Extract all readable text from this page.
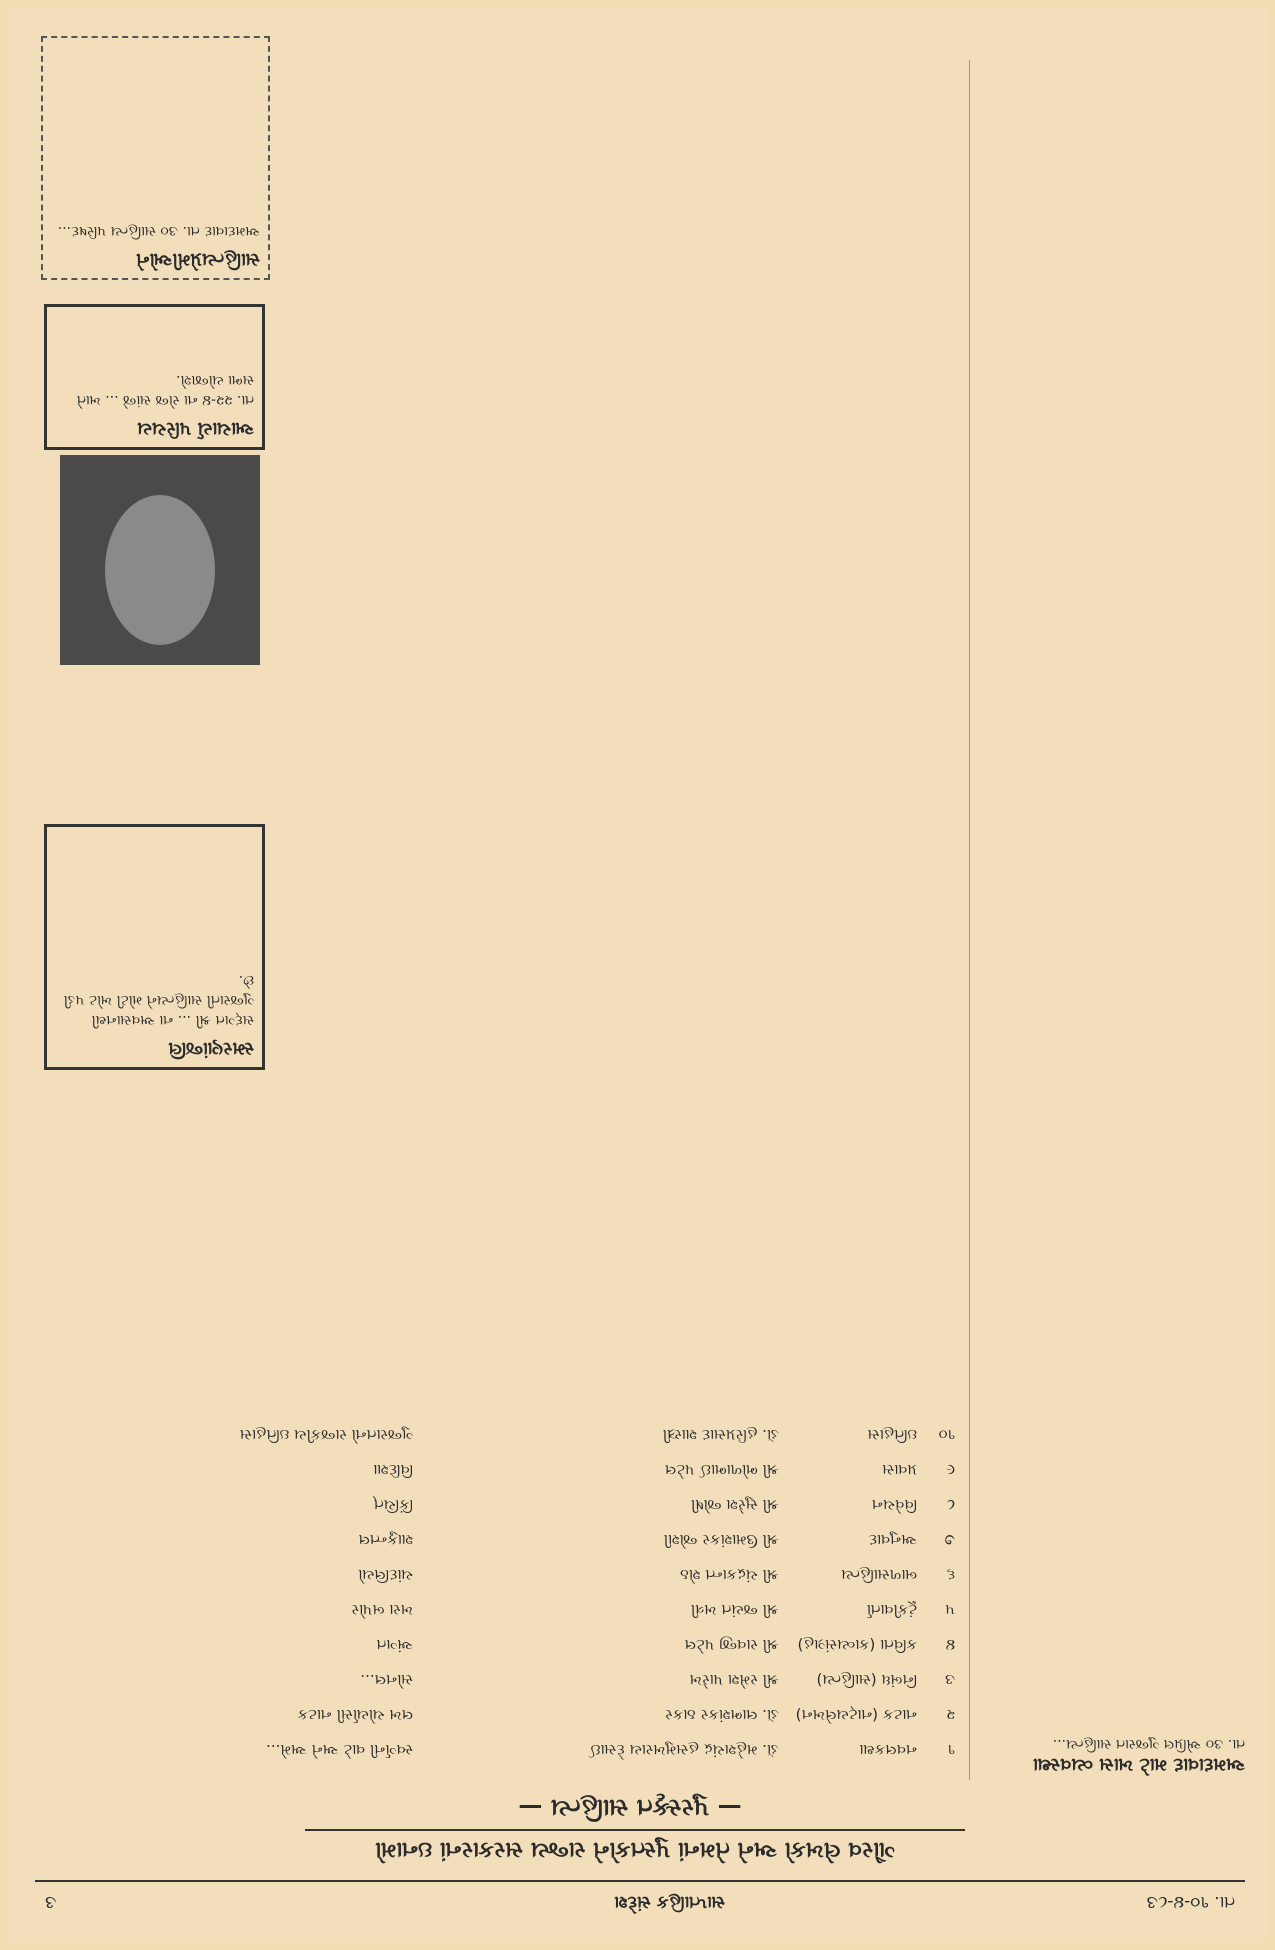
તા. ૧૦-૪-૮૩
સાપ્તાહિક સંદેશ
૩
ગૌરવ લેખકો અને તેમનાં પુસ્તકોને રાજ્ય સરકારનાં ઇનામો
— પુરસ્કૃત સાહિત્ય —
અમદાવાદ માટે ખાસ વ્યવસ્થા
તા. ૩૦ એપ્રિલ ગુજરાત સાહિત્ય...
૧
નવલકથા
ડૉ. મહેશચંદ્ર હસમુખરાય દેસાઈ
સ્વર્ગની વાટે અને અમે...
૨
નાટક (નાટ્યલેખન)
ડૉ. લાભશંકર ઠાકર
લખ ચોર્યાસી નાટક
૩
નિબંધ (સાહિત્ય)
શ્રી રમેશ પારેખ
સોનલ...
૪
કવિતા (કાવ્યસંગ્રહ)
શ્રી રાવજી પટેલ
અંગત
૫
ટૂંકીવાર્તા
શ્રી જયંત ખત્રી
ખરા બપોર
૬
બાળસાહિત્ય
શ્રી ચંદ્રકાન્ત શેઠ
ચાંદલિયો
૭
અનુવાદ
શ્રી ઉમાશંકર જોશી
શાકુન્તલ
૮
વિવેચન
શ્રી સુરેશ જોષી
કિંચિત્
૯
પ્રવાસ
શ્રી ભોળાભાઈ પટેલ
વિદિશા
૧૦
ઇતિહાસ
ડૉ. હરિપ્રસાદ શાસ્ત્રી
ગુજરાતનો રાજકીય ઇતિહાસ
સ્મરણાંજલિ
સદ્ગત શ્રી ... ના અવસાનથી ગુજરાતી સાહિત્યને મોટી ખોટ પડી છે.
આચાર્ય પરિચય
તા. ૨૨-૪ ના રોજ સાંજે ... ખાતે સભા યોજાશે.
સાહિત્યપ્રેમીઓને
અમદાવાદ તા. ૩૦ સાહિત્ય પરિષદ...
